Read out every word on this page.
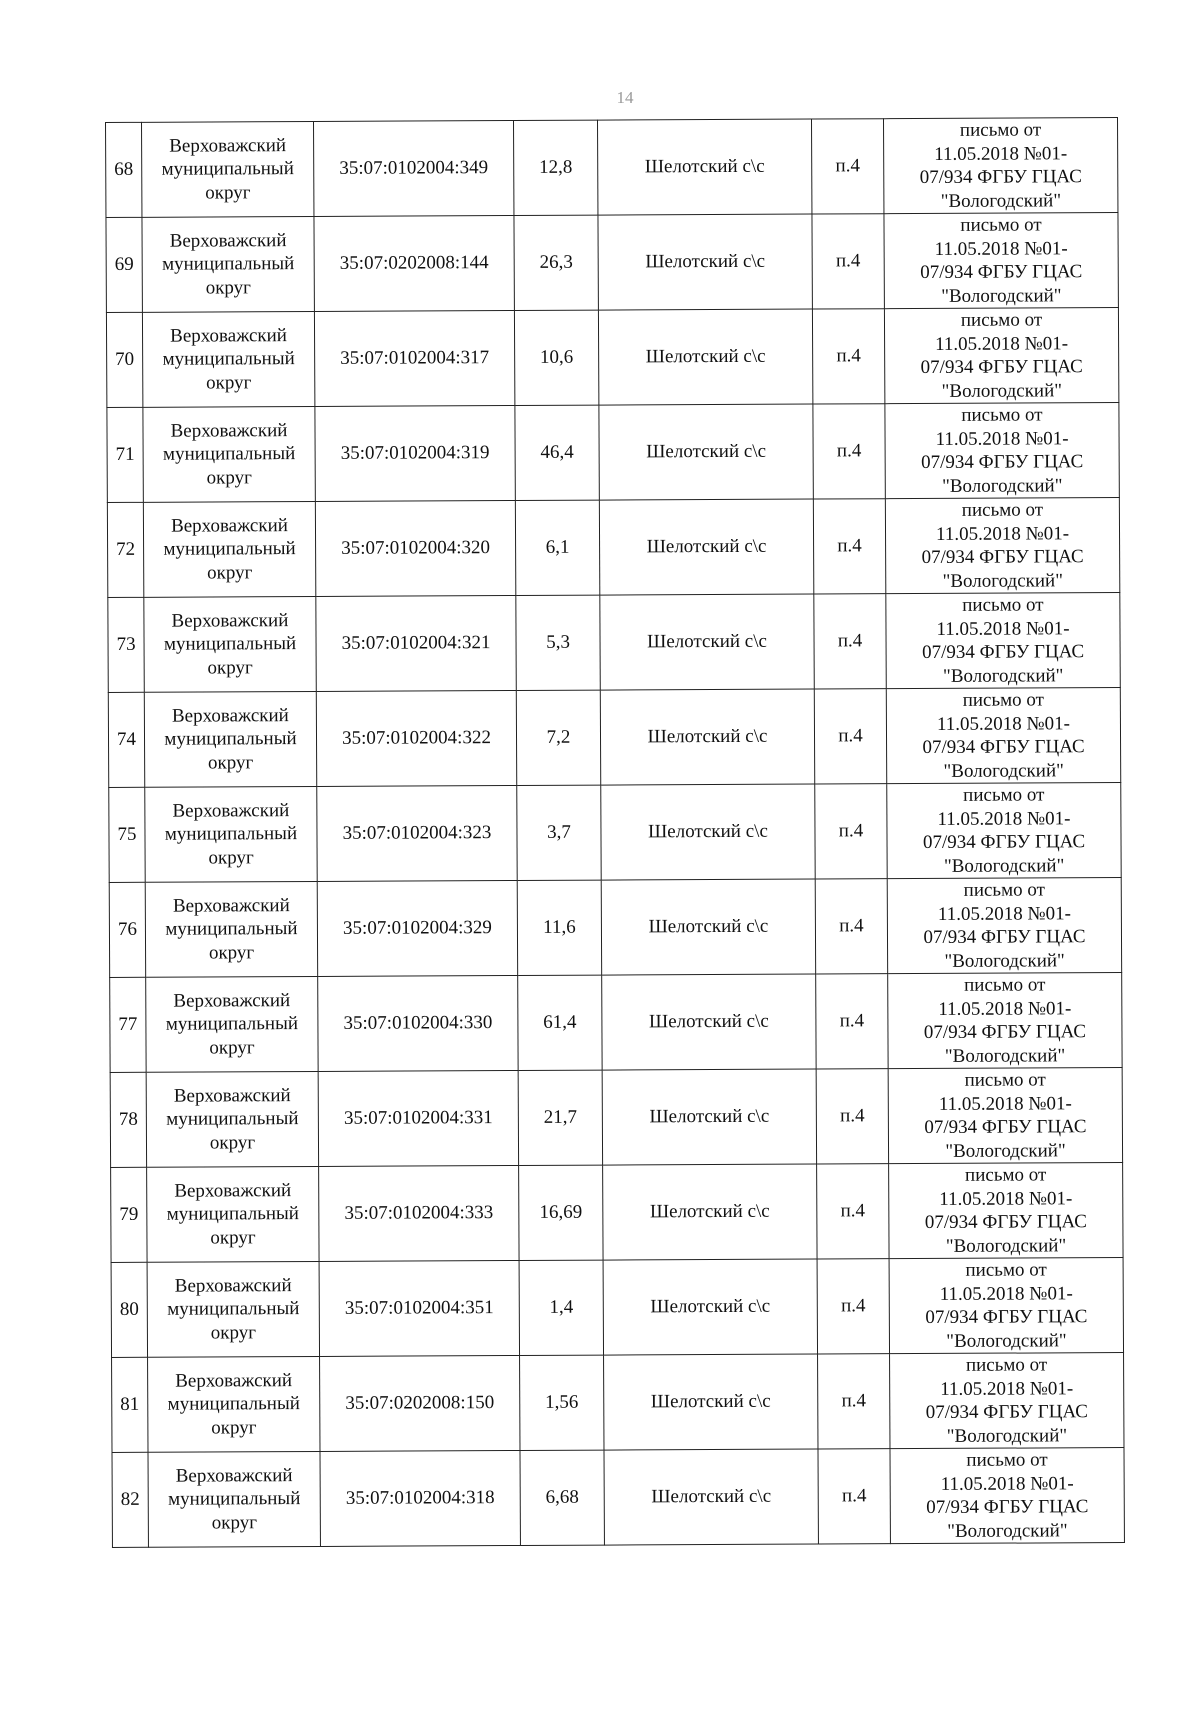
14
68	Верховажский
муниципальный
округ	35:07:0102004:349	12,8	Шелотский с\с	п.4	письмо от
11.05.2018 №01-
07/934 ФГБУ ГЦАС
"Вологодский"

69	Верховажский
муниципальный
округ	35:07:0202008:144	26,3	Шелотский с\с	п.4	письмо от
11.05.2018 №01-
07/934 ФГБУ ГЦАС
"Вологодский"

70	Верховажский
муниципальный
округ	35:07:0102004:317	10,6	Шелотский с\с	п.4	письмо от
11.05.2018 №01-
07/934 ФГБУ ГЦАС
"Вологодский"

71	Верховажский
муниципальный
округ	35:07:0102004:319	46,4	Шелотский с\с	п.4	письмо от
11.05.2018 №01-
07/934 ФГБУ ГЦАС
"Вологодский"

72	Верховажский
муниципальный
округ	35:07:0102004:320	6,1	Шелотский с\с	п.4	письмо от
11.05.2018 №01-
07/934 ФГБУ ГЦАС
"Вологодский"

73	Верховажский
муниципальный
округ	35:07:0102004:321	5,3	Шелотский с\с	п.4	письмо от
11.05.2018 №01-
07/934 ФГБУ ГЦАС
"Вологодский"

74	Верховажский
муниципальный
округ	35:07:0102004:322	7,2	Шелотский с\с	п.4	письмо от
11.05.2018 №01-
07/934 ФГБУ ГЦАС
"Вологодский"

75	Верховажский
муниципальный
округ	35:07:0102004:323	3,7	Шелотский с\с	п.4	письмо от
11.05.2018 №01-
07/934 ФГБУ ГЦАС
"Вологодский"

76	Верховажский
муниципальный
округ	35:07:0102004:329	11,6	Шелотский с\с	п.4	письмо от
11.05.2018 №01-
07/934 ФГБУ ГЦАС
"Вологодский"

77	Верховажский
муниципальный
округ	35:07:0102004:330	61,4	Шелотский с\с	п.4	письмо от
11.05.2018 №01-
07/934 ФГБУ ГЦАС
"Вологодский"

78	Верховажский
муниципальный
округ	35:07:0102004:331	21,7	Шелотский с\с	п.4	письмо от
11.05.2018 №01-
07/934 ФГБУ ГЦАС
"Вологодский"

79	Верховажский
муниципальный
округ	35:07:0102004:333	16,69	Шелотский с\с	п.4	письмо от
11.05.2018 №01-
07/934 ФГБУ ГЦАС
"Вологодский"

80	Верховажский
муниципальный
округ	35:07:0102004:351	1,4	Шелотский с\с	п.4	письмо от
11.05.2018 №01-
07/934 ФГБУ ГЦАС
"Вологодский"

81	Верховажский
муниципальный
округ	35:07:0202008:150	1,56	Шелотский с\с	п.4	письмо от
11.05.2018 №01-
07/934 ФГБУ ГЦАС
"Вологодский"

82	Верховажский
муниципальный
округ	35:07:0102004:318	6,68	Шелотский с\с	п.4	письмо от
11.05.2018 №01-
07/934 ФГБУ ГЦАС
"Вологодский"
